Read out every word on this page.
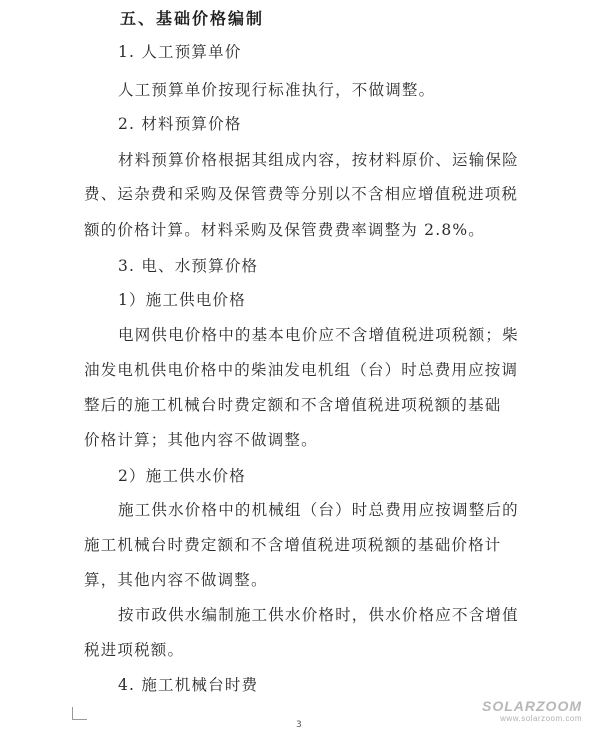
五、基础价格编制
1. 人工预算单价
人工预算单价按现行标准执行，不做调整。
2. 材料预算价格
材料预算价格根据其组成内容，按材料原价、运输保险
费、运杂费和采购及保管费等分别以不含相应增值税进项税
额的价格计算。材料采购及保管费费率调整为 2.8%。
3. 电、水预算价格
1）施工供电价格
电网供电价格中的基本电价应不含增值税进项税额；柴
油发电机供电价格中的柴油发电机组（台）时总费用应按调
整后的施工机械台时费定额和不含增值税进项税额的基础
价格计算；其他内容不做调整。
2）施工供水价格
施工供水价格中的机械组（台）时总费用应按调整后的
施工机械台时费定额和不含增值税进项税额的基础价格计
算，其他内容不做调整。
按市政供水编制施工供水价格时，供水价格应不含增值
税进项税额。
4. 施工机械台时费
3
SOLARZOOM
www.solarzoom.com
